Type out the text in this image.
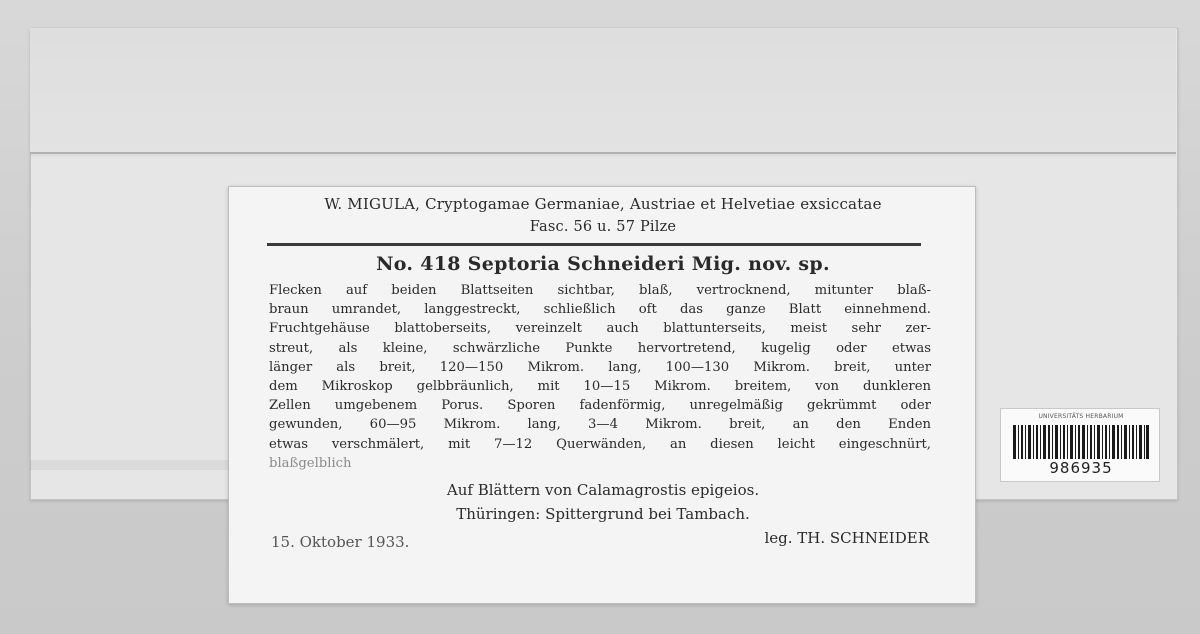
W. MIGULA, Cryptogamae Germaniae, Austriae et Helvetiae exsiccatae
Fasc. 56 u. 57 Pilze
No. 418 Septoria Schneideri Mig. nov. sp.
Flecken auf beiden Blattseiten sichtbar, blaß, vertrocknend, mitunter blaß-
braun umrandet, langgestreckt, schließlich oft das ganze Blatt einnehmend.
Fruchtgehäuse blattoberseits, vereinzelt auch blattunterseits, meist sehr zer-
streut, als kleine, schwärzliche Punkte hervortretend, kugelig oder etwas
länger als breit, 120—150 Mikrom. lang, 100—130 Mikrom. breit, unter
dem Mikroskop gelbbräunlich, mit 10—15 Mikrom. breitem, von dunkleren
Zellen umgebenem Porus. Sporen fadenförmig, unregelmäßig gekrümmt oder
gewunden, 60—95 Mikrom. lang, 3—4 Mikrom. breit, an den Enden
etwas verschmälert, mit 7—12 Querwänden, an diesen leicht eingeschnürt,
blaßgelblich
Auf Blättern von Calamagrostis epigeios.
Thüringen: Spittergrund bei Tambach.
15. Oktober 1933.	leg. TH. SCHNEIDER
UNIVERSITÄTS HERBARIUM
986935
